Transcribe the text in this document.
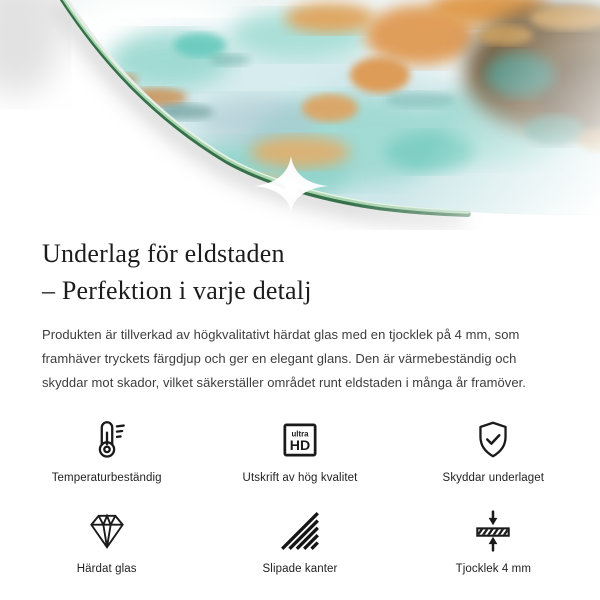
Underlag för eldstaden
– Perfektion i varje detalj

Produkten är tillverkad av högkvalitativt härdat glas med en tjocklek på 4 mm, som framhäver tryckets färgdjup och ger en elegant glans. Den är värmebeständig och skyddar mot skador, vilket säkerställer området runt eldstaden i många år framöver.

Temperaturbeständig
ultra
HD
Utskrift av hög kvalitet	Skyddar underlaget
Härdat glas	Slipade kanter	Tjocklek 4 mm
